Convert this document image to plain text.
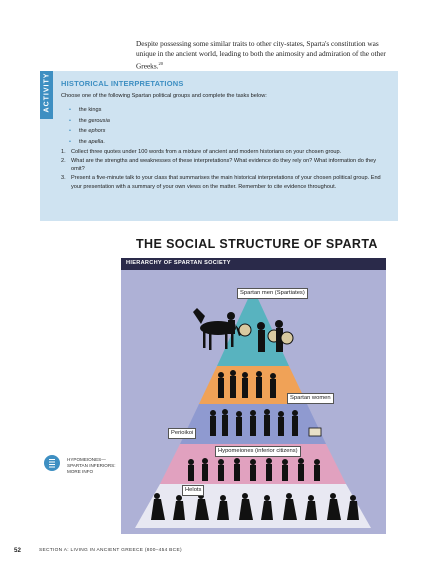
Despite possessing some similar traits to other city-states, Sparta's constitution was unique in the ancient world, leading to both the animosity and admiration of the other Greeks.$^{20}$
ACTIVITY HISTORICAL INTERPRETATIONS
Choose one of the following Spartan political groups and complete the tasks below:
• the kings
• the gerousia
• the ephors
• the apella.
1. Collect three quotes under 100 words from a mixture of ancient and modern historians on your chosen group.
2. What are the strengths and weaknesses of these interpretations? What evidence do they rely on? What information do they omit?
3. Present a five-minute talk to your class that summarises the main historical interpretations of your chosen political group. End your presentation with a summary of your own views on the matter. Remember to cite evidence throughout.
THE SOCIAL STRUCTURE OF SPARTA
HIERARCHY OF SPARTAN SOCIETY
Spartan men (Spartiates)
Spartan women
Perioikoi
Hypomeiones (inferior citizens)
Helots
HYPOMEIONES— SPARTAN INFERIORS: MORE INFO
52	SECTION A: LIVING IN ANCIENT GREECE (800–454 BCE)
